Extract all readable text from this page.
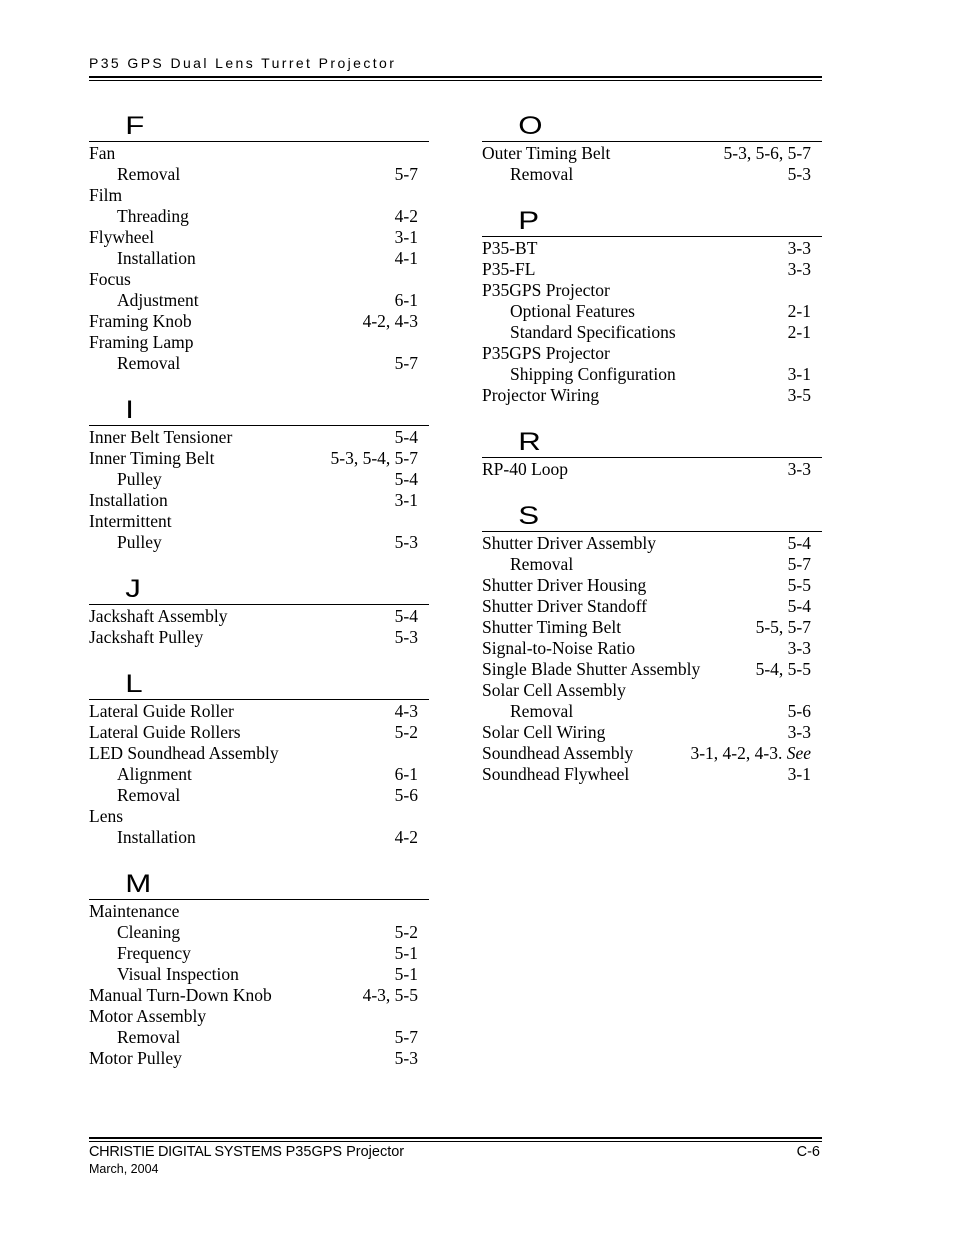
P35 GPS Dual Lens Turret Projector
F
Fan
Removal	5-7
Film
Threading	4-2
Flywheel	3-1
Installation	4-1
Focus
Adjustment	6-1
Framing Knob	4-2, 4-3
Framing Lamp
Removal	5-7
I
Inner Belt Tensioner	5-4
Inner Timing Belt	5-3, 5-4, 5-7
Pulley	5-4
Installation	3-1
Intermittent
Pulley	5-3
J
Jackshaft Assembly	5-4
Jackshaft Pulley	5-3
L
Lateral Guide Roller	4-3
Lateral Guide Rollers	5-2
LED Soundhead Assembly
Alignment	6-1
Removal	5-6
Lens
Installation	4-2
M
Maintenance
Cleaning	5-2
Frequency	5-1
Visual Inspection	5-1
Manual Turn-Down Knob	4-3, 5-5
Motor Assembly
Removal	5-7
Motor Pulley	5-3
O
Outer Timing Belt	5-3, 5-6, 5-7
Removal	5-3
P
P35-BT	3-3
P35-FL	3-3
P35GPS Projector
Optional Features	2-1
Standard Specifications	2-1
P35GPS Projector
Shipping Configuration	3-1
Projector Wiring	3-5
R
RP-40 Loop	3-3
S
Shutter Driver Assembly	5-4
Removal	5-7
Shutter Driver Housing	5-5
Shutter Driver Standoff	5-4
Shutter Timing Belt	5-5, 5-7
Signal-to-Noise Ratio	3-3
Single Blade Shutter Assembly	5-4, 5-5
Solar Cell Assembly
Removal	5-6
Solar Cell Wiring	3-3
Soundhead Assembly	3-1, 4-2, 4-3. See
Soundhead Flywheel	3-1
CHRISTIE DIGITAL SYSTEMS P35GPS Projector	C-6
March, 2004
